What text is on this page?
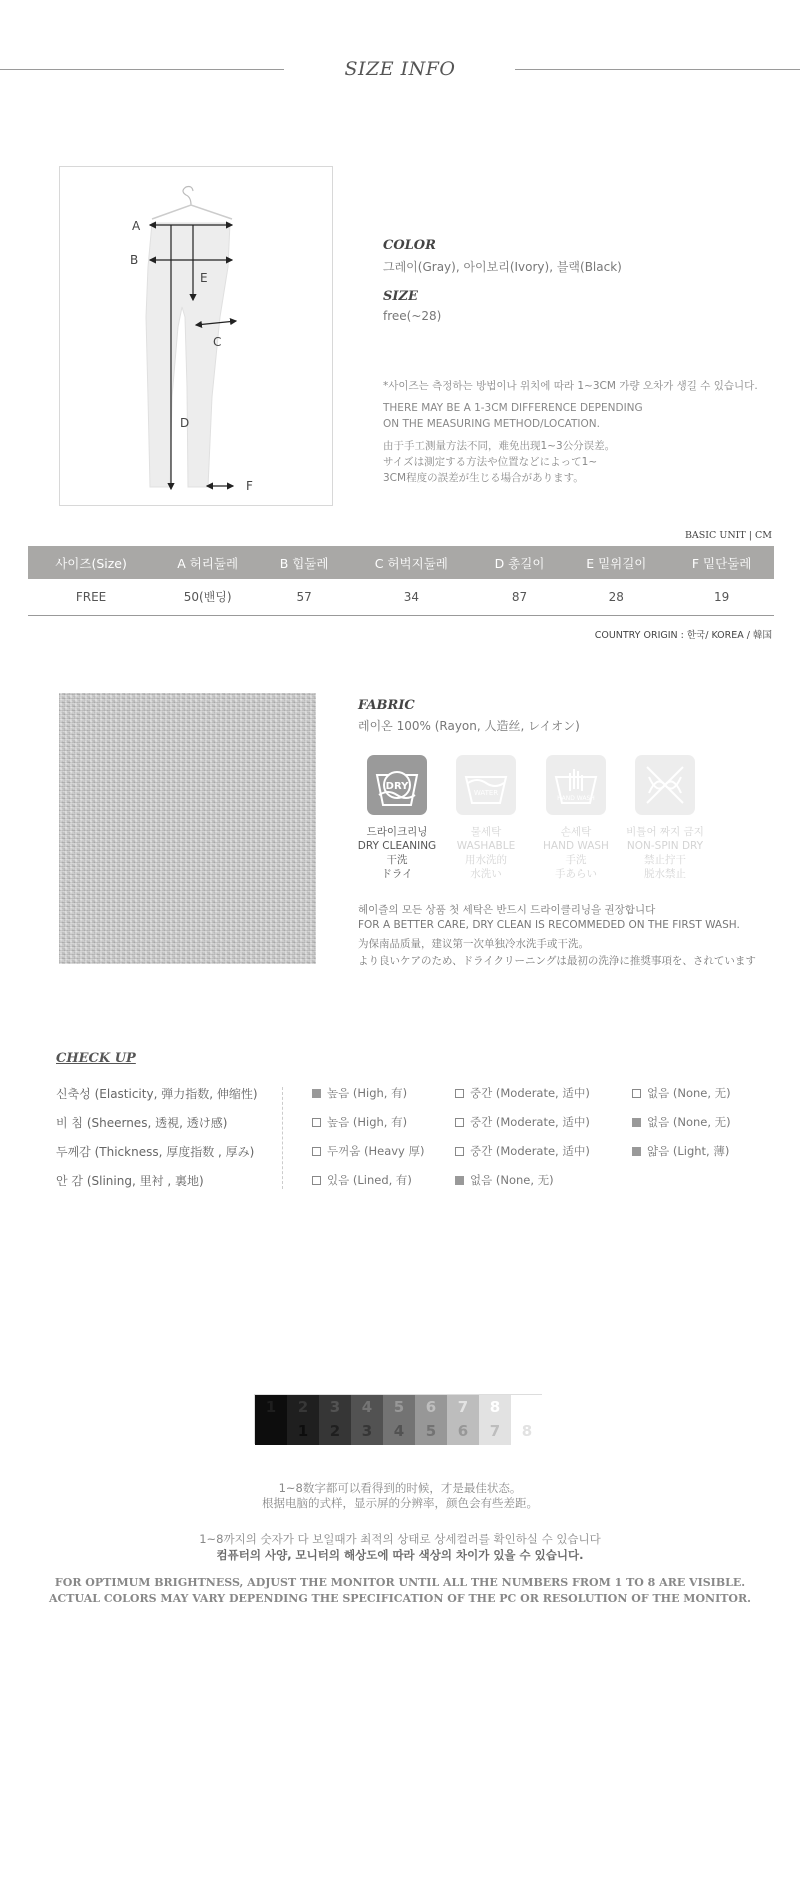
SIZE INFO
A
B
E
C
D
F
COLOR
그레이(Gray), 아이보리(Ivory), 블랙(Black)
SIZE
free(~28)
*사이즈는 측정하는 방법이나 위치에 따라 1~3CM 가량 오차가 생길 수 있습니다.
THERE MAY BE A 1-3CM DIFFERENCE DEPENDING
ON THE MEASURING METHOD/LOCATION.
由于手工测量方法不同，难免出现1~3公分误差。
サイズは測定する方法や位置などによって1~
3CM程度の誤差が生じる場合があります。
BASIC UNIT | CM
사이즈(Size)	A 허리둘레	B 힙둘레	C 허벅지둘레	D 총길이	E 밑위길이	F 밑단둘레
FREE	50(밴딩)	57	34	87	28	19
COUNTRY ORIGIN : 한국/ KOREA / 韓国
FABRIC
레이온 100% (Rayon, 人造丝, レイオン)
DRY
WATER
HAND WASH
드라이크리닝
DRY CLEANING
干洗
ドライ
물세탁
WASHABLE
用水洗的
水洗い
손세탁
HAND WASH
手洗
手あらい
비틀어 짜지 금지
NON-SPIN DRY
禁止拧干
脱水禁止
헤이즐의 모든 상품 첫 세탁은 반드시 드라이클리닝을 권장합니다
FOR A BETTER CARE, DRY CLEAN IS RECOMMEDED ON THE FIRST WASH.
为保南品质量，建议第一次单独冷水洗手或干洗。
より良いケアのため、ドライクリーニングは最初の洗浄に推奨事項を、されています
CHECK UP
신축성 (Elasticity, 弾力指数, 伸缩性)	높음 (High, 有)	중간 (Moderate, 适中)	없음 (None, 无)
비 침 (Sheernes, 透視, 透け感)	높음 (High, 有)	중간 (Moderate, 适中)	없음 (None, 无)
두께감 (Thickness, 厚度指数 , 厚み)	두꺼움 (Heavy 厚)	중간 (Moderate, 适中)	얇음 (Light, 薄)
안 감 (Slining, 里衬 , 裏地)	있음 (Lined, 有)	없음 (None, 无)
1	2	3	4	5	6	7	8
1	2	3	4	5	6	7	8
1~8数字都可以看得到的时候，才是最佳状态。
根据电脑的式样，显示屏的分辨率，颜色会有些差距。
1~8까지의 숫자가 다 보일때가 최적의 상태로 상세컬러를 확인하실 수 있습니다
컴퓨터의 사양, 모니터의 해상도에 따라 색상의 차이가 있을 수 있습니다.
FOR OPTIMUM BRIGHTNESS, ADJUST THE MONITOR UNTIL ALL THE NUMBERS FROM 1 TO 8 ARE VISIBLE.
ACTUAL COLORS MAY VARY DEPENDING THE SPECIFICATION OF THE PC OR RESOLUTION OF THE MONITOR.
